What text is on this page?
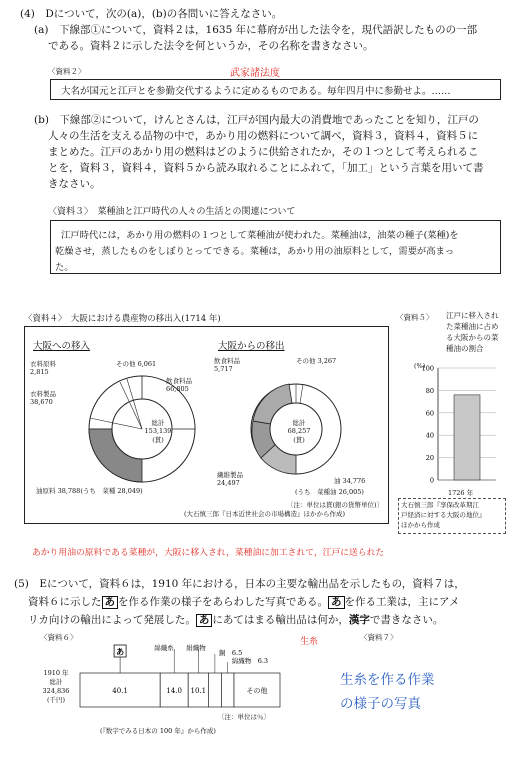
(4)　Dについて，次の(a)，(b)の各問いに答えなさい。
(a)　下線部①について，資料２は，1635 年に幕府が出した法令を，現代語訳したものの一部
である。資料２に示した法令を何というか，その名称を書きなさい。
〈資料２〉	武家諸法度
大名が国元と江戸とを参勤交代するように定めるものである。毎年四月中に参勤せよ。……
(b)　下線部②について，けんとさんは，江戸が国内最大の消費地であったことを知り，江戸の
人々の生活を支える品物の中で，あかり用の燃料について調べ，資料３，資料４，資料５に
まとめた。江戸のあかり用の燃料はどのように供給されたか，その１つとして考えられるこ
とを，資料３，資料４，資料５から読み取れることにふれて，「加工」という言葉を用いて書
きなさい。
〈資料３〉　菜種油と江戸時代の人々の生活との関連について
江戸時代には，あかり用の燃料の１つとして菜種油が使われた。菜種油は，油菜の種子(菜種)を
乾燥させ，蒸したものをしぼりとってできる。菜種は，あかり用の油原料として，需要が高まっ
た。
〈資料４〉　大阪における農産物の移出入(1714 年)
大阪への移入	大阪からの移出
総計
153,139
(貫)
衣料原料
2,815
衣料製品
38,670
その他 6,061
飲食料品
66,805
油原料 38,788(うち　菜種 28,049)
総計
68,257
(貫)
飲食料品
5,717
その他 3,267
繊維製品
24,497	油 34,776
(うち　菜種油 26,005)
〔注：単位は貫(銀の貨幣単位)〕
(大石慎三郎『日本近世社会の市場構造』ほかから作成)
〈資料５〉 江戸に移入され
た菜種油に占め
る大阪からの菜
種油の割合
(%)
0
20
40
60
80
100
1726 年
大石慎三郎『享保改革期江
戸経済に対する大阪の地位』
ほかから作成
あかり用油の原料である菜種が，大阪に移入され，菜種油に加工されて，江戸に送られた
(5)　Eについて，資料６は，1910 年における，日本の主要な輸出品を示したもの，資料７は，
資料６に示した あ を作る作業の様子をあらわした写真である。 あ を作る工業は，主にアメ
リカ向けの輸出によって発展した。 あ にあてはまる輸出品は何か，漢字で書きなさい。
〈資料６〉	生糸	〈資料７〉
生糸を作る作業
の様子の写真
1910 年
総計
324,836
(千円)
40.1	14.0 10.1	その他
あ	綿織糸 絹織物
銅　6.5
綿織物　6.3
〔注：単位は％〕
(『数字でみる日本の 100 年』から作成)
